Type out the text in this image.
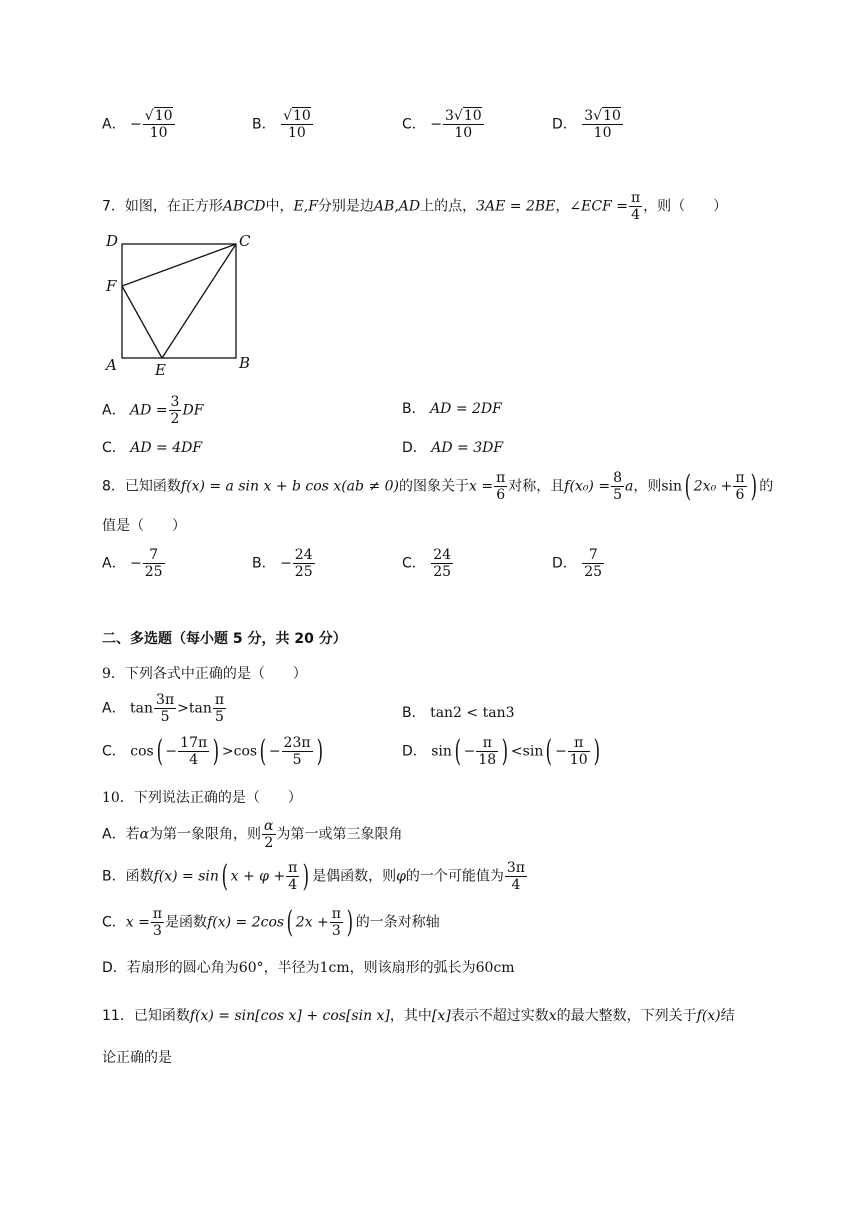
A． − $\frac{√10}{10}$	B． $\frac{√10}{10}$	C． − $\frac{3√10}{10}$	D． $\frac{3√10}{10}$
7．如图，在正方形ABCD中，E,F分别是边AB,AD上的点，3AE = 2BE，∠ECF = $\frac{\pi}{4}$ ，则（　　）
D	C
F
A	E	B
A． AD = $\frac{3}{2}$ DF	B． AD = 2DF
C． AD = 4DF	D． AD = 3DF
8．已知函数f(x) = a sin x + b cos x(ab ≠ 0)的图象关于$x = \frac{\pi}{6}$ 对称，且$f(x_0) = \frac{8}{5}$ a，则sin( $2x_0 + \frac{\pi}{6}$ ) 的
值是（　　）
A． − $\frac{7}{25}$	B． − $\frac{24}{25}$	C． $\frac{24}{25}$	D． $\frac{7}{25}$
二、多选题（每小题 5 分，共 20 分）
9．下列各式中正确的是（　　）
A． $\tan \frac{3\pi}{5} >\tan \frac{\pi}{5}$	B． tan2 < tan3
C． $\cos( - \frac{17\pi}{4}$ ) $>\cos( - \frac{23\pi}{5}$ )	D． $\sin( - \frac{\pi}{18}$ ) $<\sin( - \frac{\pi}{10}$ )
10．下列说法正确的是（　　）
A．若α为第一象限角，则 $\frac{\alpha}{2}$ 为第一或第三象限角
B．函数f(x) = sin( $x + \varphi + \frac{\pi}{4}$ ) 是偶函数，则φ的一个可能值为 $\frac{3\pi}{4}$
C．$x = \frac{\pi}{3}$ 是函数f(x) = 2cos( $2x + \frac{\pi}{3}$ ) 的一条对称轴
D．若扇形的圆心角为60°，半径为1cm，则该扇形的弧长为60cm
11．已知函数f(x) = sin[cos x] + cos[sin x]，其中[x]表示不超过实数x的最大整数，下列关于f(x)结
论正确的是
